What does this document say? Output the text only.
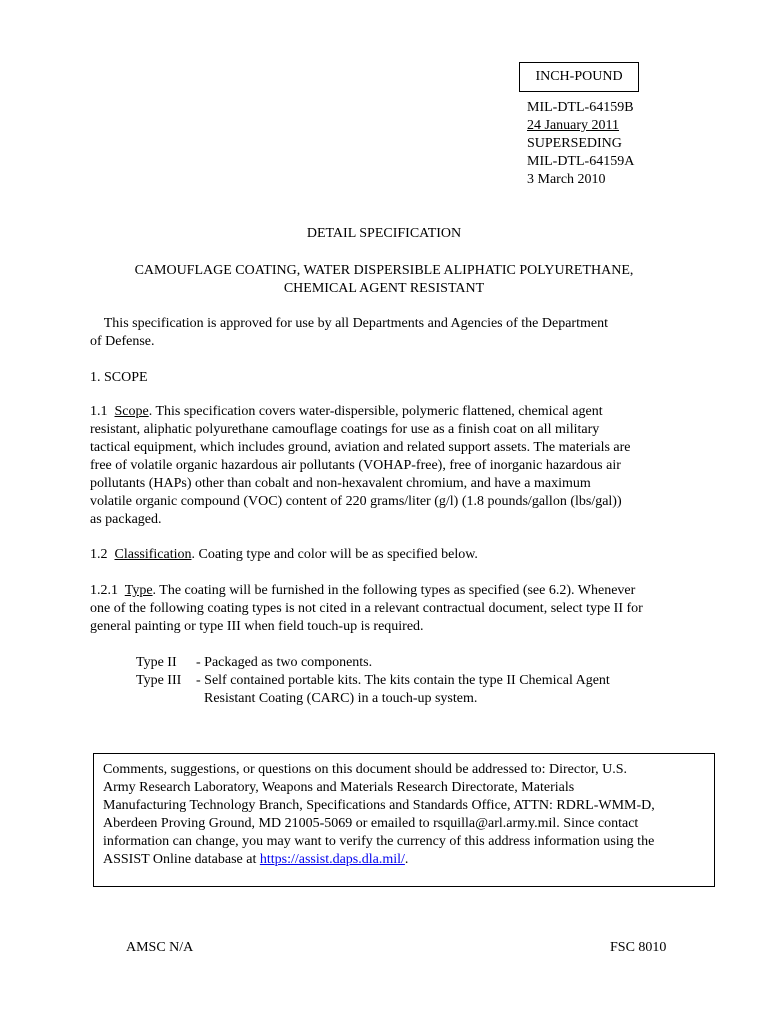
INCH-POUND
MIL-DTL-64159B
24 January 2011
SUPERSEDING
MIL-DTL-64159A
3 March 2010
DETAIL SPECIFICATION
CAMOUFLAGE COATING, WATER DISPERSIBLE ALIPHATIC POLYURETHANE,
CHEMICAL AGENT RESISTANT
This specification is approved for use by all Departments and Agencies of the Department
of Defense.
1. SCOPE
1.1 Scope. This specification covers water-dispersible, polymeric flattened, chemical agent
resistant, aliphatic polyurethane camouflage coatings for use as a finish coat on all military
tactical equipment, which includes ground, aviation and related support assets. The materials are
free of volatile organic hazardous air pollutants (VOHAP-free), free of inorganic hazardous air
pollutants (HAPs) other than cobalt and non-hexavalent chromium, and have a maximum
volatile organic compound (VOC) content of 220 grams/liter (g/l) (1.8 pounds/gallon (lbs/gal))
as packaged.
1.2 Classification. Coating type and color will be as specified below.
1.2.1 Type. The coating will be furnished in the following types as specified (see 6.2). Whenever
one of the following coating types is not cited in a relevant contractual document, select type II for
general painting or type III when field touch-up is required.
Type II	- Packaged as two components.
Type III	- Self contained portable kits. The kits contain the type II Chemical Agent
Resistant Coating (CARC) in a touch-up system.
Comments, suggestions, or questions on this document should be addressed to: Director, U.S.
Army Research Laboratory, Weapons and Materials Research Directorate, Materials
Manufacturing Technology Branch, Specifications and Standards Office, ATTN: RDRL-WMM-D,
Aberdeen Proving Ground, MD 21005-5069 or emailed to rsquilla@arl.army.mil. Since contact
information can change, you may want to verify the currency of this address information using the
ASSIST Online database at https://assist.daps.dla.mil/.
AMSC N/A	FSC 8010
